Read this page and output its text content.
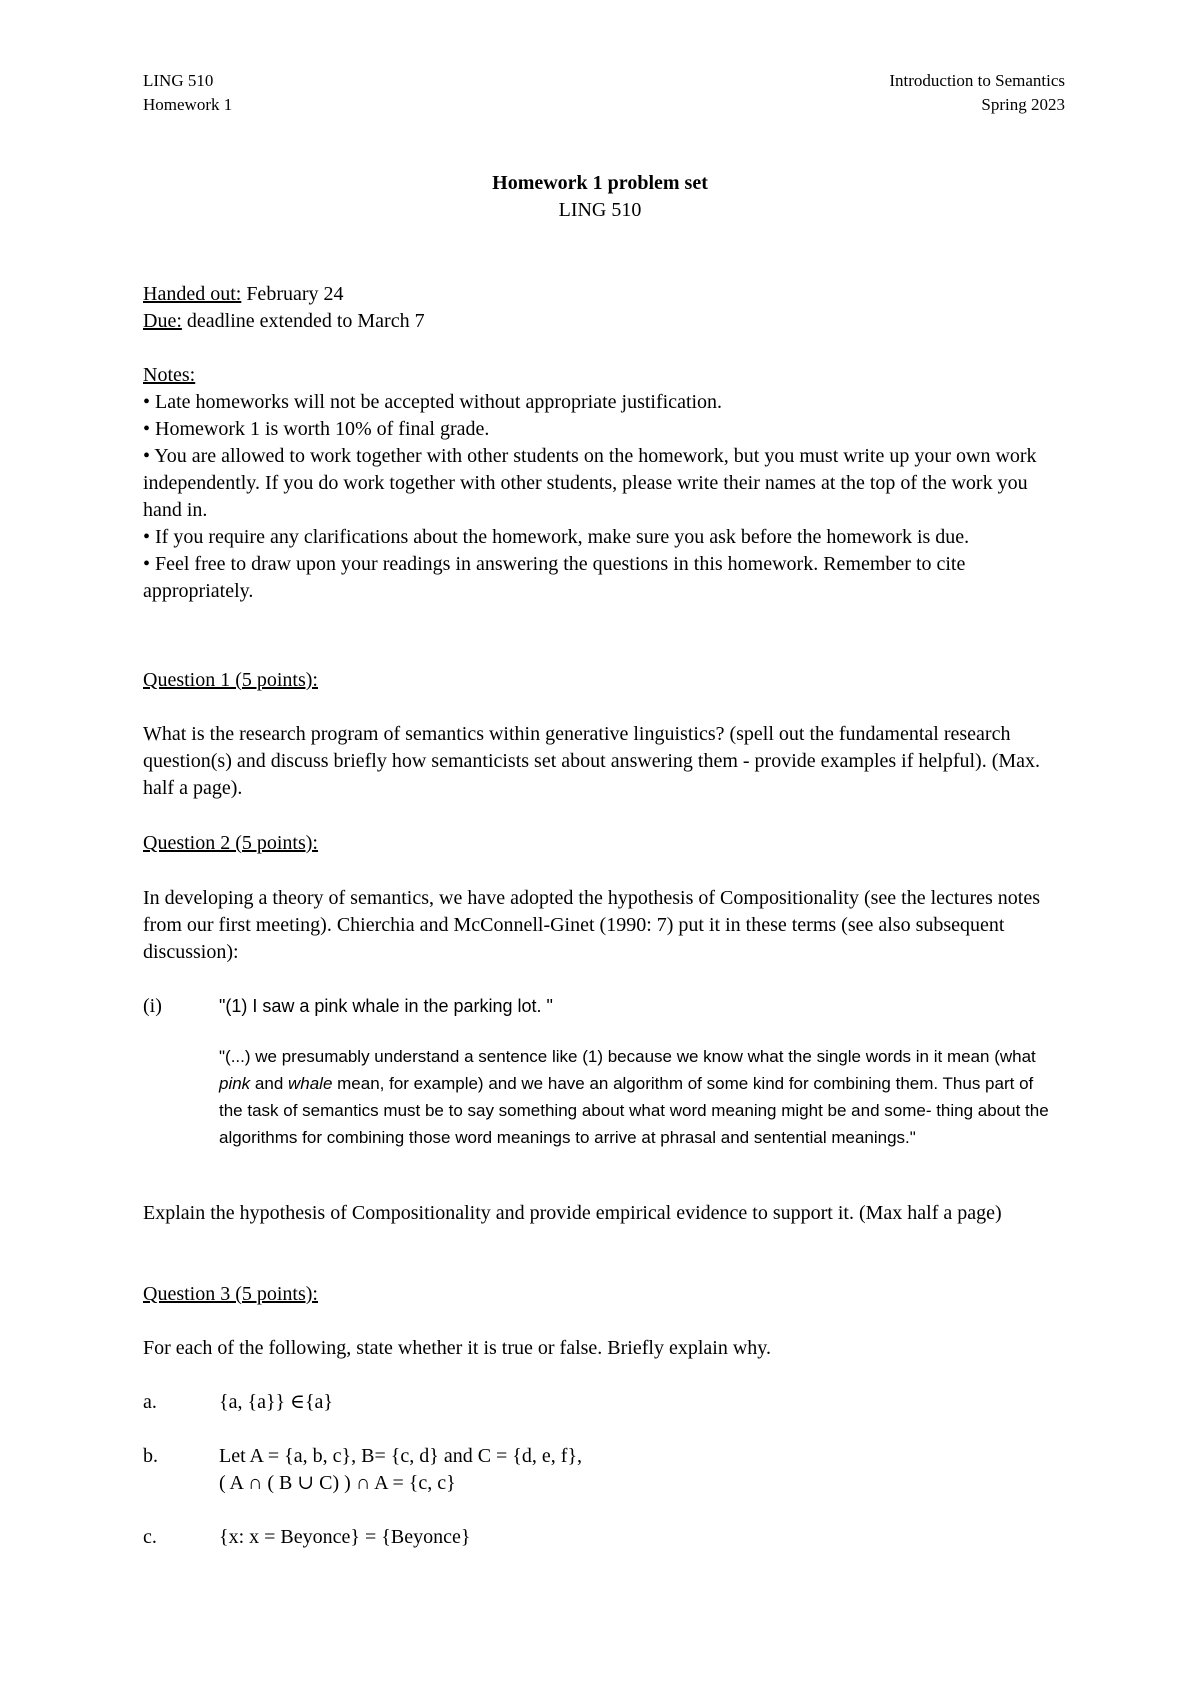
LING 510
Homework 1
Introduction to Semantics
Spring 2023
Homework 1 problem set
LING 510
Handed out: February 24
Due: deadline extended to March 7
Notes:
• Late homeworks will not be accepted without appropriate justification.
• Homework 1 is worth 10% of final grade.
• You are allowed to work together with other students on the homework, but you must write up your own work independently. If you do work together with other students, please write their names at the top of the work you hand in.
• If you require any clarifications about the homework, make sure you ask before the homework is due.
• Feel free to draw upon your readings in answering the questions in this homework. Remember to cite appropriately.
Question 1 (5 points):
What is the research program of semantics within generative linguistics? (spell out the fundamental research question(s) and discuss briefly how semanticists set about answering them - provide examples if helpful). (Max. half a page).
Question 2 (5 points):
In developing a theory of semantics, we have adopted the hypothesis of Compositionality (see the lectures notes from our first meeting). Chierchia and McConnell-Ginet (1990: 7) put it in these terms (see also subsequent discussion):
(i)	"(1) I saw a pink whale in the parking lot. "
"(...) we presumably understand a sentence like (1) because we know what the single words in it mean (what pink and whale mean, for example) and we have an algorithm of some kind for combining them. Thus part of the task of semantics must be to say something about what word meaning might be and some- thing about the algorithms for combining those word meanings to arrive at phrasal and sentential meanings."
Explain the hypothesis of Compositionality and provide empirical evidence to support it. (Max half a page)
Question 3 (5 points):
For each of the following, state whether it is true or false. Briefly explain why.
a.	{a, {a}} ∈{a}
b.	Let A = {a, b, c}, B= {c, d} and C = {d, e, f},
( A ∩ ( B ∪ C) ) ∩ A = {c, c}
c.	{x: x = Beyonce} = {Beyonce}
